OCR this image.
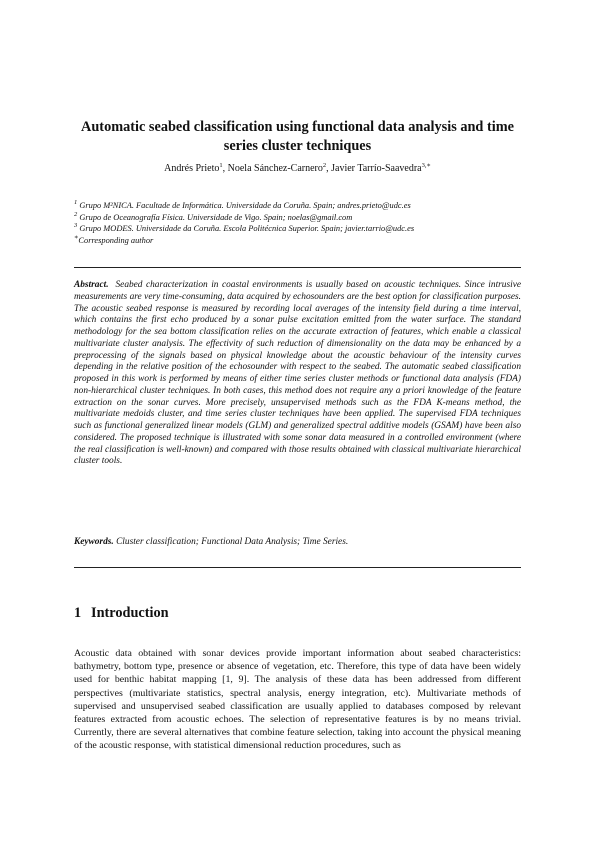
Automatic seabed classification using functional data analysis and time series cluster techniques
Andrés Prieto$^1$, Noela Sánchez-Carnero$^2$, Javier Tarrío-Saavedra$^{3,∗}$

$^1$ Grupo M²NICA. Facultade de Informática. Universidade da Coruña. Spain; andres.prieto@udc.es

$^2$ Grupo de Oceanografía Física. Universidade de Vigo. Spain; noelas@gmail.com

$^3$ Grupo MODES. Universidade da Coruña. Escola Politécnica Superior. Spain; javier.tarrio@udc.es

∗Corresponding author

Abstract. Seabed characterization in coastal environments is usually based on acoustic techniques. Since intrusive measurements are very time-consuming, data acquired by echosounders are the best option for classification purposes. The acoustic seabed response is measured by recording local averages of the intensity field during a time interval, which contains the first echo produced by a sonar pulse excitation emitted from the water surface. The standard methodology for the sea bottom classification relies on the accurate extraction of features, which enable a classical multivariate cluster analysis. The effectivity of such reduction of dimensionality on the data may be enhanced by a preprocessing of the signals based on physical knowledge about the acoustic behaviour of the intensity curves depending in the relative position of the echosounder with respect to the seabed. The automatic seabed classification proposed in this work is performed by means of either time series cluster methods or functional data analysis (FDA) non-hierarchical cluster techniques. In both cases, this method does not require any a priori knowledge of the feature extraction on the sonar curves. More precisely, unsupervised methods such as the FDA K-means method, the multivariate medoids cluster, and time series cluster techniques have been applied. The supervised FDA techniques such as functional generalized linear models (GLM) and generalized spectral additive models (GSAM) have been also considered. The proposed technique is illustrated with some sonar data measured in a controlled environment (where the real classification is well-known) and compared with those results obtained with classical multivariate hierarchical cluster tools.

Keywords. Cluster classification; Functional Data Analysis; Time Series.

1 Introduction

Acoustic data obtained with sonar devices provide important information about seabed characteristics: bathymetry, bottom type, presence or absence of vegetation, etc. Therefore, this type of data have been widely used for benthic habitat mapping [1, 9]. The analysis of these data has been addressed from different perspectives (multivariate statistics, spectral analysis, energy integration, etc). Multivariate methods of supervised and unsupervised seabed classification are usually applied to databases composed by relevant features extracted from acoustic echoes. The selection of representative features is by no means trivial. Currently, there are several alternatives that combine feature selection, taking into account the physical meaning of the acoustic response, with statistical dimensional reduction procedures, such as
